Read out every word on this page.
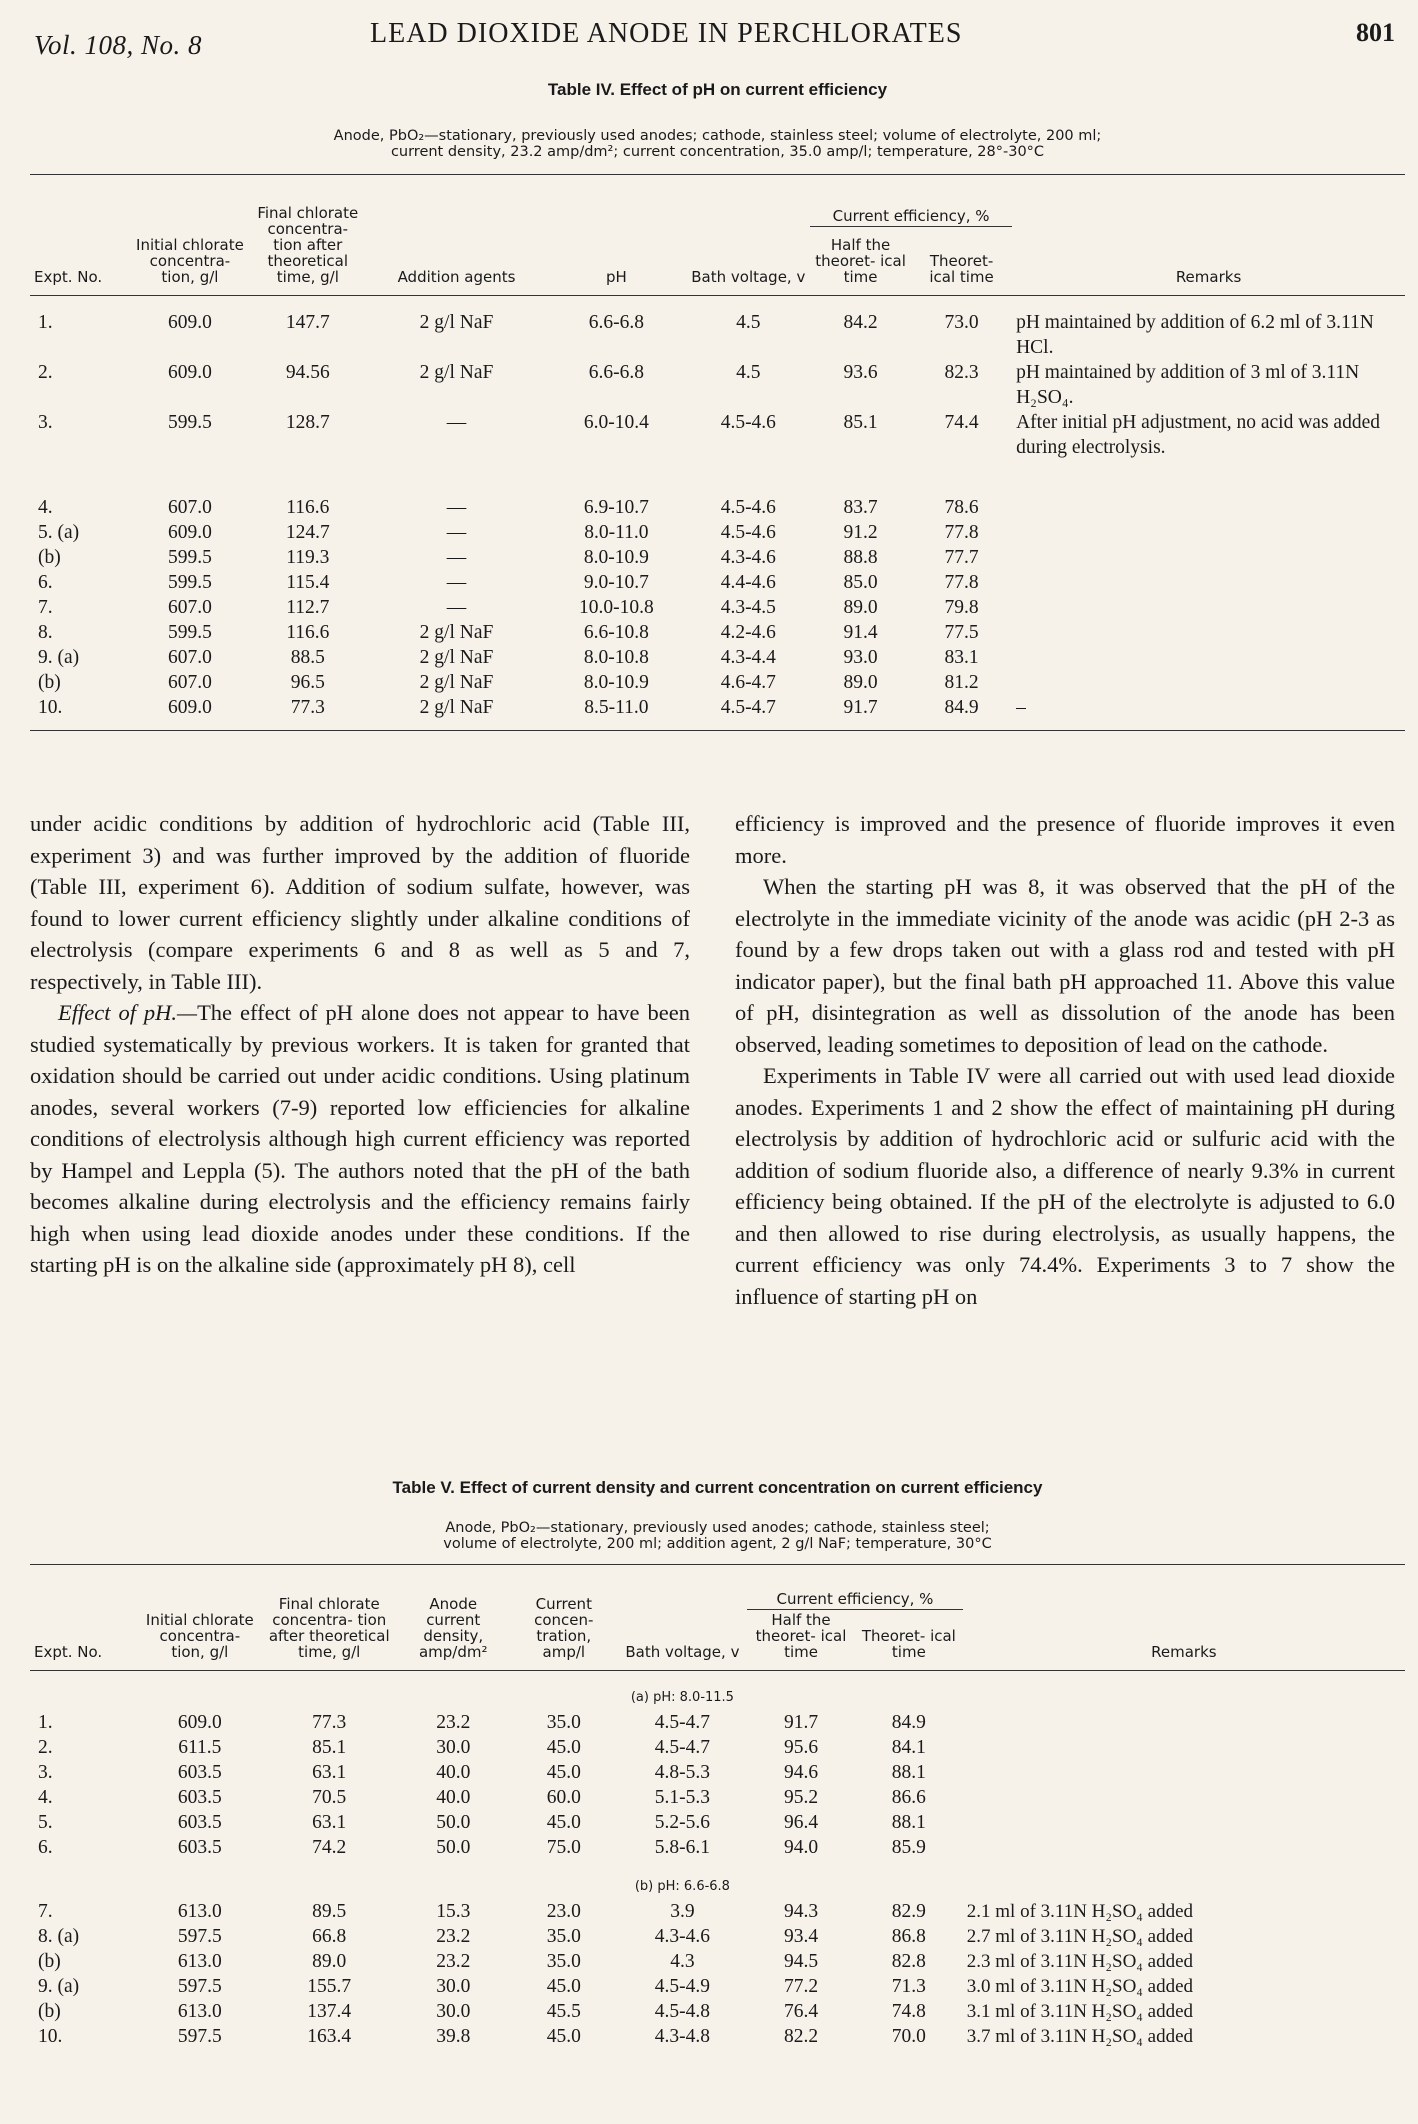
Vol. 108, No. 8	LEAD DIOXIDE ANODE IN PERCHLORATES	801
Table IV. Effect of pH on current efficiency
Anode, PbO₂—stationary, previously used anodes; cathode, stainless steel; volume of electrolyte, 200 ml;
current density, 23.2 amp/dm²; current concentration, 35.0 amp/l; temperature, 28°-30°C
Expt. No.	Initial chlorate concentra- tion, g/l	Final chlorate concentra- tion after theoretical time, g/l	Addition agents	pH	Bath voltage, v	Current efficiency, %		Remarks
						Half the theoret- ical time	Theoret- ical time	

1.	609.0	147.7	2 g/l NaF	6.6-6.8	4.5	84.2	73.0	pH maintained by addition of 6.2 ml of 3.11N HCl.
2.	609.0	94.56	2 g/l NaF	6.6-6.8	4.5	93.6	82.3	pH maintained by addition of 3 ml of 3.11N H₂SO₄.
3.	599.5	128.7	—	6.0-10.4	4.5-4.6	85.1	74.4	After initial pH adjustment, no acid was added during electrolysis.
4.	607.0	116.6	—	6.9-10.7	4.5-4.6	83.7	78.6	
5. (a)	609.0	124.7	—	8.0-11.0	4.5-4.6	91.2	77.8	
(b)	599.5	119.3	—	8.0-10.9	4.3-4.6	88.8	77.7	
6.	599.5	115.4	—	9.0-10.7	4.4-4.6	85.0	77.8	
7.	607.0	112.7	—	10.0-10.8	4.3-4.5	89.0	79.8	
8.	599.5	116.6	2 g/l NaF	6.6-10.8	4.2-4.6	91.4	77.5	
9. (a)	607.0	88.5	2 g/l NaF	8.0-10.8	4.3-4.4	93.0	83.1	
(b)	607.0	96.5	2 g/l NaF	8.0-10.9	4.6-4.7	89.0	81.2	
10.	609.0	77.3	2 g/l NaF	8.5-11.0	4.5-4.7	91.7	84.9	–

under acidic conditions by addition of hydrochloric acid (Table III, experiment 3) and was further improved by the addition of fluoride (Table III, experiment 6). Addition of sodium sulfate, however, was found to lower current efficiency slightly under alkaline conditions of electrolysis (compare experiments 6 and 8 as well as 5 and 7, respectively, in Table III).

Effect of pH.—The effect of pH alone does not appear to have been studied systematically by previous workers. It is taken for granted that oxidation should be carried out under acidic conditions. Using platinum anodes, several workers (7-9) reported low efficiencies for alkaline conditions of electrolysis although high current efficiency was reported by Hampel and Leppla (5). The authors noted that the pH of the bath becomes alkaline during electrolysis and the efficiency remains fairly high when using lead dioxide anodes under these conditions. If the starting pH is on the alkaline side (approximately pH 8), cell

efficiency is improved and the presence of fluoride improves it even more.

When the starting pH was 8, it was observed that the pH of the electrolyte in the immediate vicinity of the anode was acidic (pH 2-3 as found by a few drops taken out with a glass rod and tested with pH indicator paper), but the final bath pH approached 11. Above this value of pH, disintegration as well as dissolution of the anode has been observed, leading sometimes to deposition of lead on the cathode.

Experiments in Table IV were all carried out with used lead dioxide anodes. Experiments 1 and 2 show the effect of maintaining pH during electrolysis by addition of hydrochloric acid or sulfuric acid with the addition of sodium fluoride also, a difference of nearly 9.3% in current efficiency being obtained. If the pH of the electrolyte is adjusted to 6.0 and then allowed to rise during electrolysis, as usually happens, the current efficiency was only 74.4%. Experiments 3 to 7 show the influence of starting pH on

Table V. Effect of current density and current concentration on current efficiency
Anode, PbO₂—stationary, previously used anodes; cathode, stainless steel;
volume of electrolyte, 200 ml; addition agent, 2 g/l NaF; temperature, 30°C
Expt. No.	Initial chlorate concentra- tion, g/l	Final chlorate concentra- tion after theoretical time, g/l	Anode current density, amp/dm²	Current concen- tration, amp/l	Bath voltage, v	Current efficiency, %		Remarks
						Half the theoret- ical time	Theoret- ical time	

					(a) pH: 8.0-11.5			
1.	609.0	77.3	23.2	35.0	4.5-4.7	91.7	84.9	
2.	611.5	85.1	30.0	45.0	4.5-4.7	95.6	84.1	
3.	603.5	63.1	40.0	45.0	4.8-5.3	94.6	88.1	
4.	603.5	70.5	40.0	60.0	5.1-5.3	95.2	86.6	
5.	603.5	63.1	50.0	45.0	5.2-5.6	96.4	88.1	
6.	603.5	74.2	50.0	75.0	5.8-6.1	94.0	85.9	

					(b) pH: 6.6-6.8			
7.	613.0	89.5	15.3	23.0	3.9	94.3	82.9	2.1 ml of 3.11N H₂SO₄ added
8. (a)	597.5	66.8	23.2	35.0	4.3-4.6	93.4	86.8	2.7 ml of 3.11N H₂SO₄ added
(b)	613.0	89.0	23.2	35.0	4.3	94.5	82.8	2.3 ml of 3.11N H₂SO₄ added
9. (a)	597.5	155.7	30.0	45.0	4.5-4.9	77.2	71.3	3.0 ml of 3.11N H₂SO₄ added
(b)	613.0	137.4	30.0	45.5	4.5-4.8	76.4	74.8	3.1 ml of 3.11N H₂SO₄ added
10.	597.5	163.4	39.8	45.0	4.3-4.8	82.2	70.0	3.7 ml of 3.11N H₂SO₄ added
